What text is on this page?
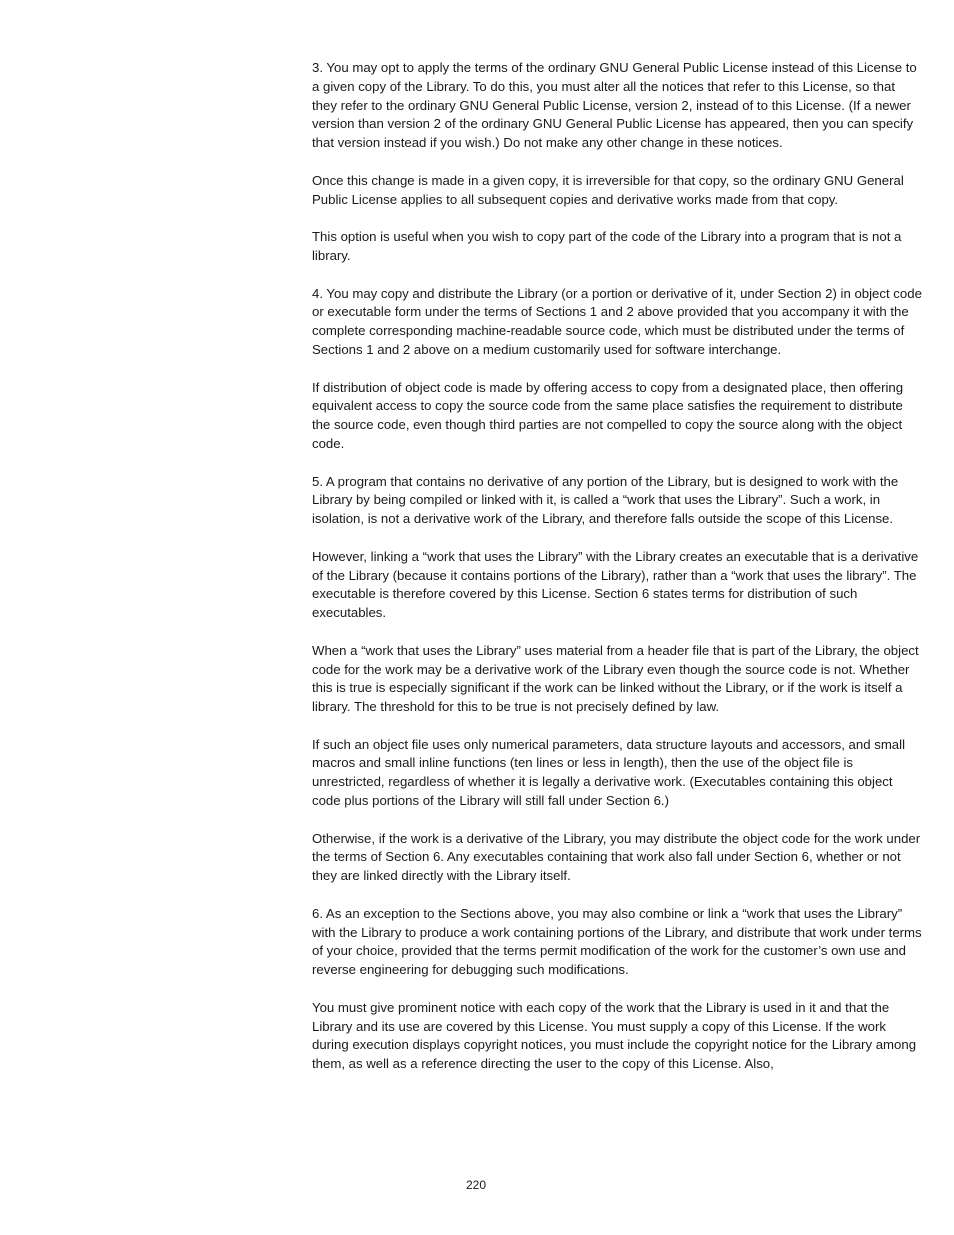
3. You may opt to apply the terms of the ordinary GNU General Public License instead of this License to a given copy of the Library. To do this, you must alter all the notices that refer to this License, so that they refer to the ordinary GNU General Public License, version 2, instead of to this License. (If a newer version than version 2 of the ordinary GNU General Public License has appeared, then you can specify that version instead if you wish.) Do not make any other change in these notices.

Once this change is made in a given copy, it is irreversible for that copy, so the ordinary GNU General Public License applies to all subsequent copies and derivative works made from that copy.

This option is useful when you wish to copy part of the code of the Library into a program that is not a library.

4. You may copy and distribute the Library (or a portion or derivative of it, under Section 2) in object code or executable form under the terms of Sections 1 and 2 above provided that you accompany it with the complete corresponding machine-readable source code, which must be distributed under the terms of Sections 1 and 2 above on a medium customarily used for software interchange.

If distribution of object code is made by offering access to copy from a designated place, then offering equivalent access to copy the source code from the same place satisfies the requirement to distribute the source code, even though third parties are not compelled to copy the source along with the object code.

5. A program that contains no derivative of any portion of the Library, but is designed to work with the Library by being compiled or linked with it, is called a “work that uses the Library”. Such a work, in isolation, is not a derivative work of the Library, and therefore falls outside the scope of this License.

However, linking a “work that uses the Library” with the Library creates an executable that is a derivative of the Library (because it contains portions of the Library), rather than a “work that uses the library”. The executable is therefore covered by this License. Section 6 states terms for distribution of such executables.

When a “work that uses the Library” uses material from a header file that is part of the Library, the object code for the work may be a derivative work of the Library even though the source code is not. Whether this is true is especially significant if the work can be linked without the Library, or if the work is itself a library. The threshold for this to be true is not precisely defined by law.

If such an object file uses only numerical parameters, data structure layouts and accessors, and small macros and small inline functions (ten lines or less in length), then the use of the object file is unrestricted, regardless of whether it is legally a derivative work. (Executables containing this object code plus portions of the Library will still fall under Section 6.)

Otherwise, if the work is a derivative of the Library, you may distribute the object code for the work under the terms of Section 6. Any executables containing that work also fall under Section 6, whether or not they are linked directly with the Library itself.

6. As an exception to the Sections above, you may also combine or link a “work that uses the Library” with the Library to produce a work containing portions of the Library, and distribute that work under terms of your choice, provided that the terms permit modification of the work for the customer’s own use and reverse engineering for debugging such modifications.

You must give prominent notice with each copy of the work that the Library is used in it and that the Library and its use are covered by this License. You must supply a copy of this License. If the work during execution displays copyright notices, you must include the copyright notice for the Library among them, as well as a reference directing the user to the copy of this License. Also,

220
